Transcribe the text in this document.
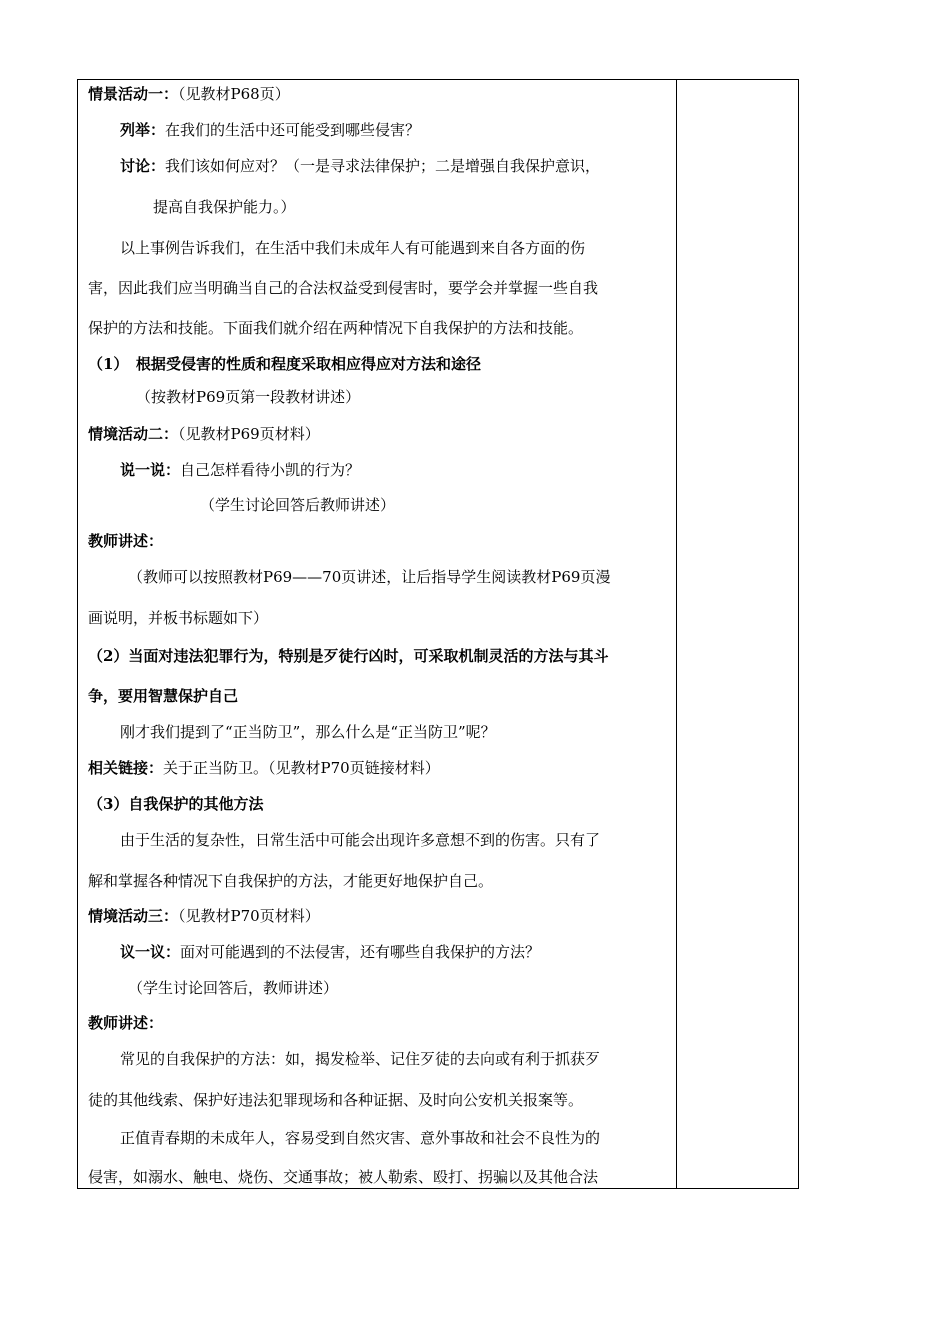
情景活动一：（见教材P68页）
列举：在我们的生活中还可能受到哪些侵害？
讨论：我们该如何应对？（一是寻求法律保护；二是增强自我保护意识，
提高自我保护能力。）
以上事例告诉我们，在生活中我们未成年人有可能遇到来自各方面的伤
害，因此我们应当明确当自己的合法权益受到侵害时，要学会并掌握一些自我
保护的方法和技能。下面我们就介绍在两种情况下自我保护的方法和技能。
（1）　根据受侵害的性质和程度采取相应得应对方法和途径
（按教材P69页第一段教材讲述）
情境活动二：（见教材P69页材料）
说一说：自己怎样看待小凯的行为？
（学生讨论回答后教师讲述）
教师讲述：
（教师可以按照教材P69——70页讲述，让后指导学生阅读教材P69页漫
画说明，并板书标题如下）
（2）当面对违法犯罪行为，特别是歹徒行凶时，可采取机制灵活的方法与其斗
争，要用智慧保护自己
刚才我们提到了“正当防卫”，那么什么是“正当防卫”呢？
相关链接：关于正当防卫。（见教材P70页链接材料）
（3）自我保护的其他方法
由于生活的复杂性，日常生活中可能会出现许多意想不到的伤害。只有了
解和掌握各种情况下自我保护的方法，才能更好地保护自己。
情境活动三：（见教材P70页材料）
议一议：面对可能遇到的不法侵害，还有哪些自我保护的方法？
（学生讨论回答后，教师讲述）
教师讲述：
常见的自我保护的方法：如，揭发检举、记住歹徒的去向或有利于抓获歹
徒的其他线索、保护好违法犯罪现场和各种证据、及时向公安机关报案等。
正值青春期的未成年人，容易受到自然灾害、意外事故和社会不良性为的
侵害，如溺水、触电、烧伤、交通事故；被人勒索、殴打、拐骗以及其他合法
